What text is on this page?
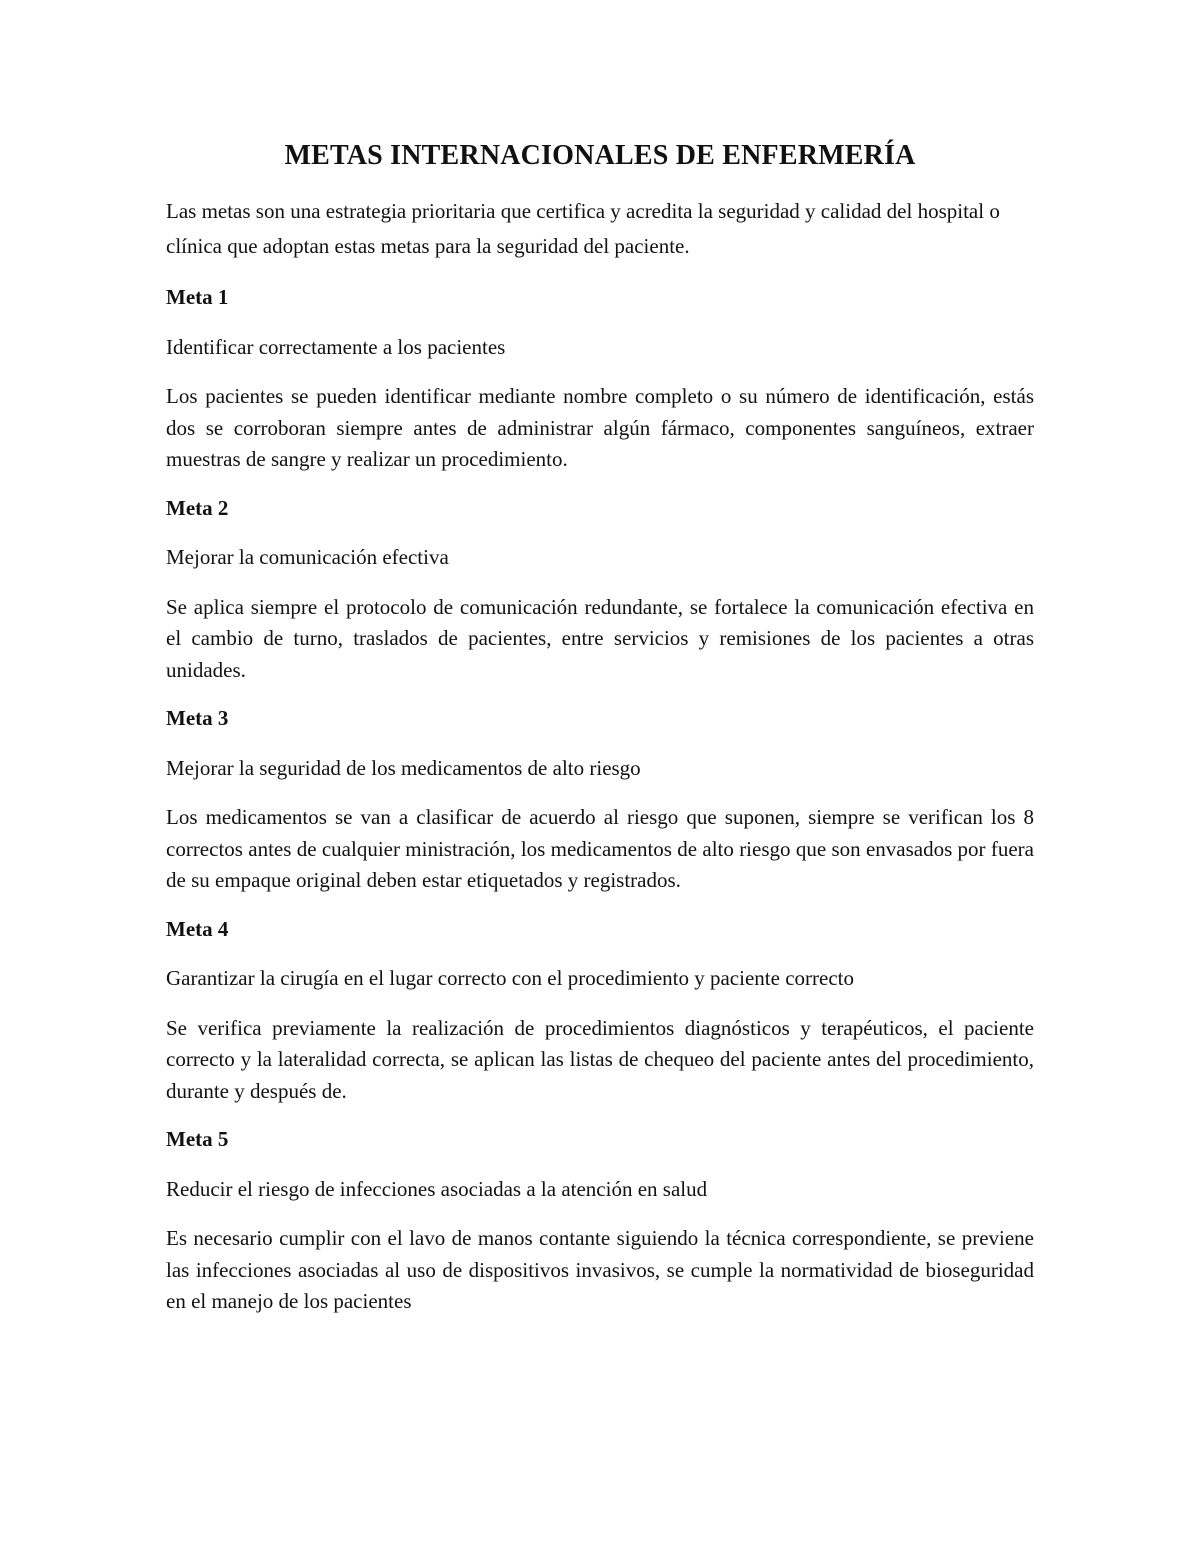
METAS INTERNACIONALES DE ENFERMERÍA

Las metas son una estrategia prioritaria que certifica y acredita la seguridad y calidad del hospital o clínica que adoptan estas metas para la seguridad del paciente.

Meta 1

Identificar correctamente a los pacientes

Los pacientes se pueden identificar mediante nombre completo o su número de identificación, estás dos se corroboran siempre antes de administrar algún fármaco, componentes sanguíneos, extraer muestras de sangre y realizar un procedimiento.

Meta 2

Mejorar la comunicación efectiva

Se aplica siempre el protocolo de comunicación redundante, se fortalece la comunicación efectiva en el cambio de turno, traslados de pacientes, entre servicios y remisiones de los pacientes a otras unidades.

Meta 3

Mejorar la seguridad de los medicamentos de alto riesgo

Los medicamentos se van a clasificar de acuerdo al riesgo que suponen, siempre se verifican los 8 correctos antes de cualquier ministración, los medicamentos de alto riesgo que son envasados por fuera de su empaque original deben estar etiquetados y registrados.

Meta 4

Garantizar la cirugía en el lugar correcto con el procedimiento y paciente correcto

Se verifica previamente la realización de procedimientos diagnósticos y terapéuticos, el paciente correcto y la lateralidad correcta, se aplican las listas de chequeo del paciente antes del procedimiento, durante y después de.

Meta 5

Reducir el riesgo de infecciones asociadas a la atención en salud

Es necesario cumplir con el lavo de manos contante siguiendo la técnica correspondiente, se previene las infecciones asociadas al uso de dispositivos invasivos, se cumple la normatividad de bioseguridad en el manejo de los pacientes
